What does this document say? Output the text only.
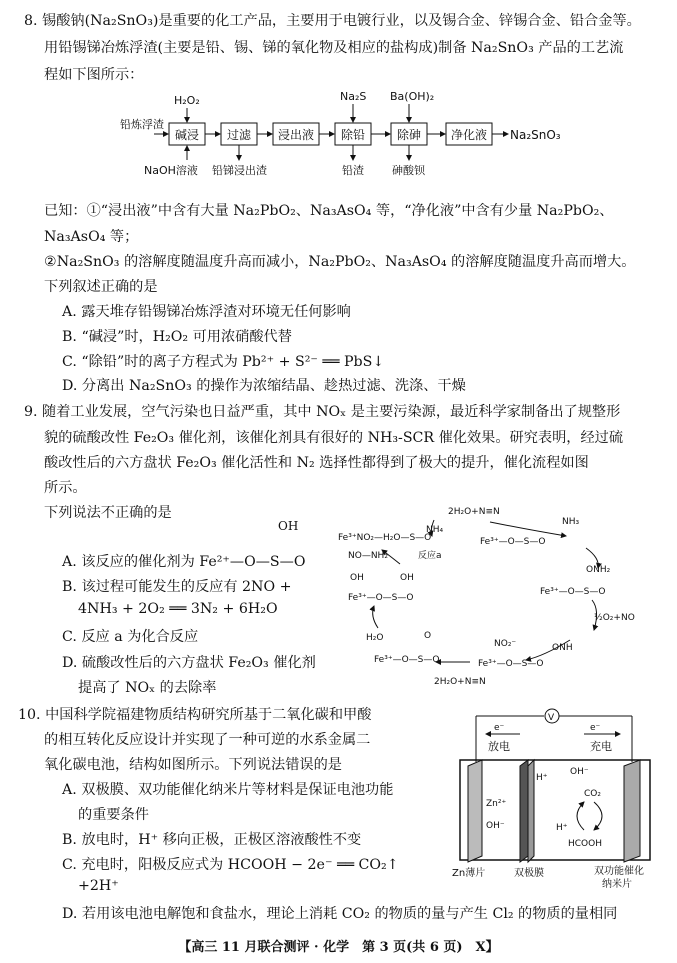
8. 锡酸钠(Na₂SnO₃)是重要的化工产品，主要用于电镀行业，以及锡合金、锌锡合金、铅合金等。
用铅锡锑冶炼浮渣(主要是铅、锡、锑的氧化物及相应的盐构成)制备 Na₂SnO₃ 产品的工艺流
程如下图所示：
铅炼浮渣
碱浸 过滤 浸出液 除铅	除砷 净化液 Na₂SnO₃
H₂O₂	Na₂S Ba(OH)₂
NaOH溶液 铅锑浸出渣	铅渣	砷酸钡
已知：①“浸出液”中含有大量 Na₂PbO₂、Na₃AsO₄ 等，“净化液”中含有少量 Na₂PbO₂、
Na₃AsO₄ 等；
②Na₂SnO₃ 的溶解度随温度升高而减小，Na₂PbO₂、Na₃AsO₄ 的溶解度随温度升高而增大。
下列叙述正确的是
A. 露天堆存铅锡锑冶炼浮渣对环境无任何影响
B. “碱浸”时，H₂O₂ 可用浓硝酸代替
C. “除铅”时的离子方程式为 Pb²⁺ + S²⁻ ══ PbS↓
D. 分离出 Na₂SnO₃ 的操作为浓缩结晶、趁热过滤、洗涤、干燥
9. 随着工业发展，空气污染也日益严重，其中 NOₓ 是主要污染源，最近科学家制备出了规整形
貌的硫酸改性 Fe₂O₃ 催化剂，该催化剂具有很好的 NH₃-SCR 催化效果。研究表明，经过硫
酸改性后的六方盘状 Fe₂O₃ 催化活性和 N₂ 选择性都得到了极大的提升，催化流程如图
所示。
下列说法不正确的是
OH
A. 该反应的催化剂为 Fe²⁺—O—S—O
B. 该过程可能发生的反应有 2NO +
4NH₃ + 2O₂ ══ 3N₂ + 6H₂O
C. 反应 a 为化合反应
D. 硫酸改性后的六方盘状 Fe₂O₃ 催化剂
提高了 NOₓ 的去除率
2H₂O+N≡N
NH₄
Fe³⁺NO₂—H₂O—S—O
NO—NH₂	反应a
Fe³⁺—O—S—O
NH₃
OH	OH
Fe³⁺—O—S—O
ONH₂
Fe³⁺—O—S—O
½O₂+NO
H₂O
ONH
O
NO₂⁻
Fe³⁺—O—S—O	Fe³⁺—O—S—O
2H₂O+N≡N
10. 中国科学院福建物质结构研究所基于二氧化碳和甲酸
的相互转化反应设计并实现了一种可逆的水系金属二
氧化碳电池，结构如图所示。下列说法错误的是
A. 双极膜、双功能催化纳米片等材料是保证电池功能
的重要条件
B. 放电时，H⁺ 移向正极，正极区溶液酸性不变
C. 充电时，阳极反应式为 HCOOH − 2e⁻ ══ CO₂↑
+2H⁺
D. 若用该电池电解饱和食盐水，理论上消耗 CO₂ 的物质的量与产生 Cl₂ 的物质的量相同
V
e⁻
放电
e⁻
充电
Zn²⁺
OH⁻
H⁺
OH⁻
CO₂
H⁺
HCOOH
Zn薄片	双极膜	双功能催化
纳米片
【高三 11 月联合测评 · 化学　第 3 页(共 6 页)　X】
